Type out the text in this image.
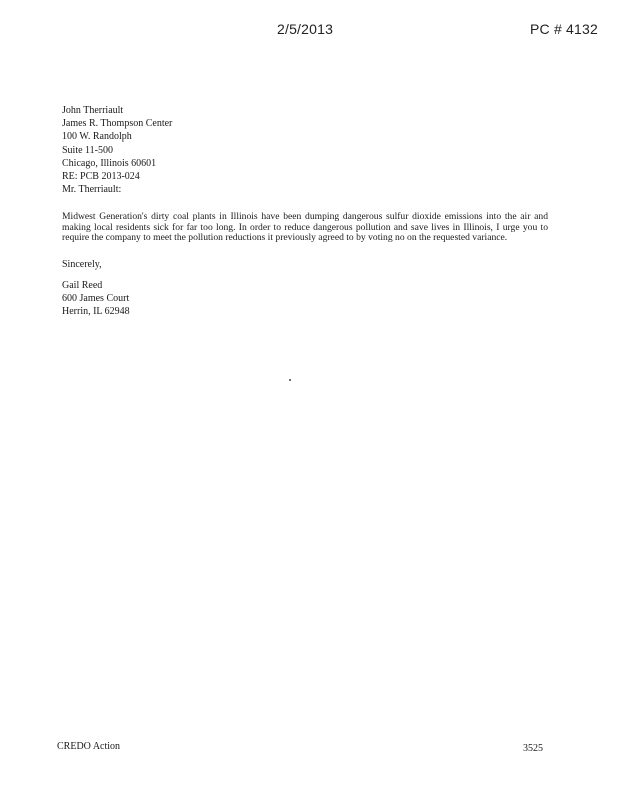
2/5/2013	PC # 4132
John Therriault
James R. Thompson Center
100 W. Randolph
Suite 11-500
Chicago, Illinois 60601
RE: PCB 2013-024
Mr. Therriault:
Midwest Generation's dirty coal plants in Illinois have been dumping dangerous sulfur dioxide emissions into the air and making local residents sick for far too long. In order to reduce dangerous pollution and save lives in Illinois, I urge you to require the company to meet the pollution reductions it previously agreed to by voting no on the requested variance.
Sincerely,
Gail Reed
600 James Court
Herrin, IL 62948
CREDO Action	3525
